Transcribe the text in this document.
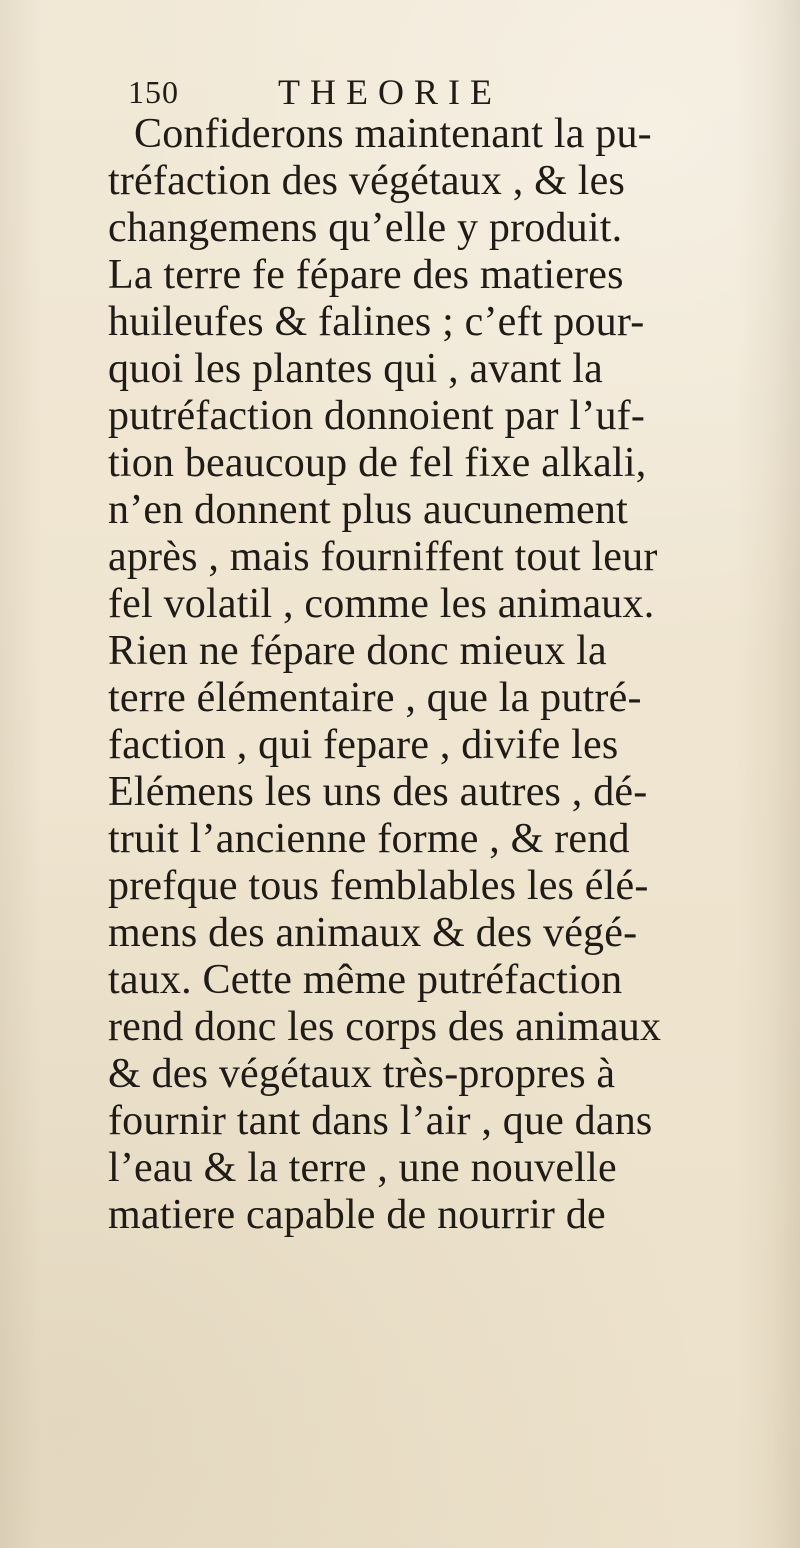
150	THEORIE
Confiderons maintenant la pu-
tréfaction des végétaux , & les
changemens qu’elle y produit.
La terre fe fépare des matieres
huileufes & falines ; c’eft pour-
quoi les plantes qui , avant la
putréfaction donnoient par l’uf-
tion beaucoup de fel fixe alkali,
n’en donnent plus aucunement
après , mais fourniffent tout leur
fel volatil , comme les animaux.
Rien ne fépare donc mieux la
terre élémentaire , que la putré-
faction , qui fepare , divife les
Elémens les uns des autres , dé-
truit l’ancienne forme , & rend
prefque tous femblables les élé-
mens des animaux & des végé-
taux. Cette même putréfaction
rend donc les corps des animaux
& des végétaux très-propres à
fournir tant dans l’air , que dans
l’eau & la terre , une nouvelle
matiere capable de nourrir de
